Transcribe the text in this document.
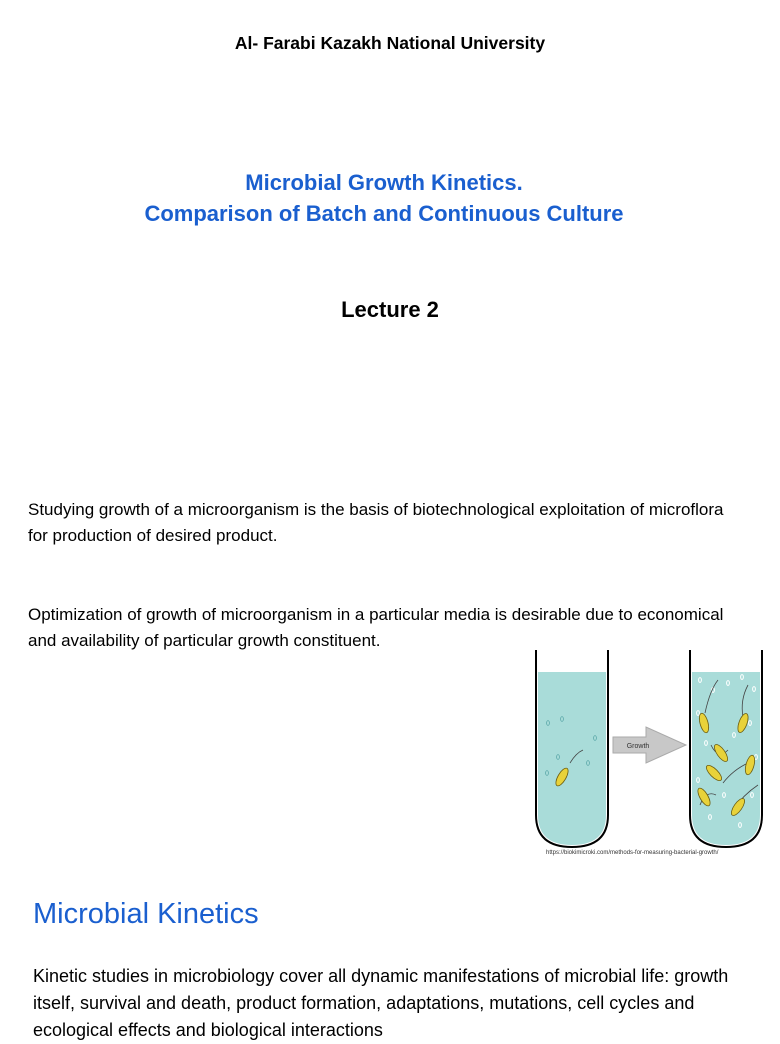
Al- Farabi Kazakh National University
Microbial Growth Kinetics.
Comparison of Batch and Continuous Culture
Lecture 2
Studying growth of a microorganism is the basis of biotechnological exploitation of microflora for production of desired product.
Optimization of growth of microorganism in a particular media is desirable due to economical and availability of particular growth constituent.
Growth
https://biokimicroki.com/methods-for-measuring-bacterial-growth/
Microbial Kinetics
Kinetic studies in microbiology cover all dynamic manifestations of microbial life: growth itself, survival and death, product formation, adaptations, mutations, cell cycles and ecological effects and biological interactions
